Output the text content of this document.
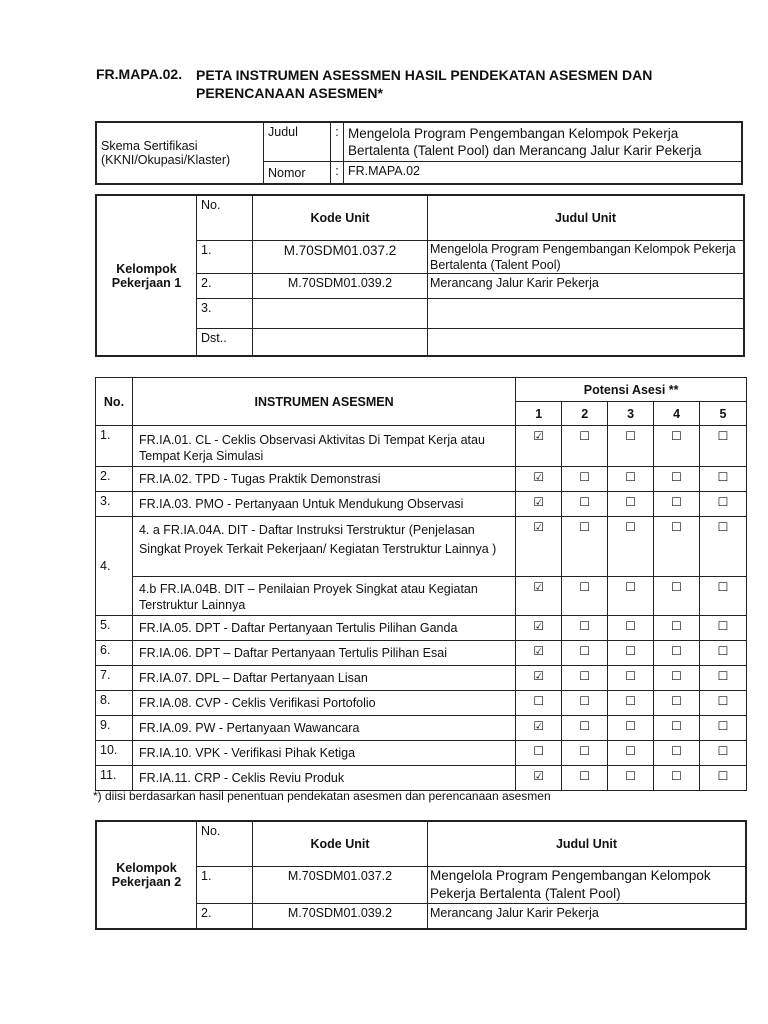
FR.MAPA.02. PETA INSTRUMEN ASESSMEN HASIL PENDEKATAN ASESMEN DAN
PERENCANAAN ASESMEN*
Skema Sertifikasi
(KKNI/Okupasi/Klaster)	Judul	:	Mengelola Program Pengembangan Kelompok Pekerja Bertalenta (Talent Pool) dan Merancang Jalur Karir Pekerja
	Nomor	:	FR.MAPA.02
Kelompok Pekerjaan 1	No.	Kode Unit	Judul Unit
	1.	M.70SDM01.037.2	Mengelola Program Pengembangan Kelompok Pekerja Bertalenta (Talent Pool)
	2.	M.70SDM01.039.2	Merancang Jalur Karir Pekerja
	3.		
	Dst..		
No.	INSTRUMEN ASESMEN	Potensi Asesi **				
		1	2	3	4	5
1.	FR.IA.01. CL - Ceklis Observasi Aktivitas Di Tempat Kerja atau Tempat Kerja Simulasi	☑	☐	☐	☐	☐
2.	FR.IA.02. TPD - Tugas Praktik Demonstrasi	☑	☐	☐	☐	☐
3.	FR.IA.03. PMO - Pertanyaan Untuk Mendukung Observasi	☑	☐	☐	☐	☐
4.	4. a FR.IA.04A. DIT - Daftar Instruksi Terstruktur (Penjelasan Singkat Proyek Terkait Pekerjaan/ Kegiatan Terstruktur Lainnya )	☑	☐	☐	☐	☐
	4.b FR.IA.04B. DIT – Penilaian Proyek Singkat atau Kegiatan Terstruktur Lainnya	☑	☐	☐	☐	☐
5.	FR.IA.05. DPT - Daftar Pertanyaan Tertulis Pilihan Ganda	☑	☐	☐	☐	☐
6.	FR.IA.06. DPT – Daftar Pertanyaan Tertulis Pilihan Esai	☑	☐	☐	☐	☐
7.	FR.IA.07. DPL – Daftar Pertanyaan Lisan	☑	☐	☐	☐	☐
8.	FR.IA.08. CVP - Ceklis Verifikasi Portofolio	☐	☐	☐	☐	☐
9.	FR.IA.09. PW - Pertanyaan Wawancara	☑	☐	☐	☐	☐
10.	FR.IA.10. VPK - Verifikasi Pihak Ketiga	☐	☐	☐	☐	☐
11.	FR.IA.11. CRP - Ceklis Reviu Produk	☑	☐	☐	☐	☐
*) diisi berdasarkan hasil penentuan pendekatan asesmen dan perencanaan asesmen
Kelompok Pekerjaan 2	No.	Kode Unit	Judul Unit
	1.	M.70SDM01.037.2	Mengelola Program Pengembangan Kelompok Pekerja Bertalenta (Talent Pool)
	2.	M.70SDM01.039.2	Merancang Jalur Karir Pekerja
